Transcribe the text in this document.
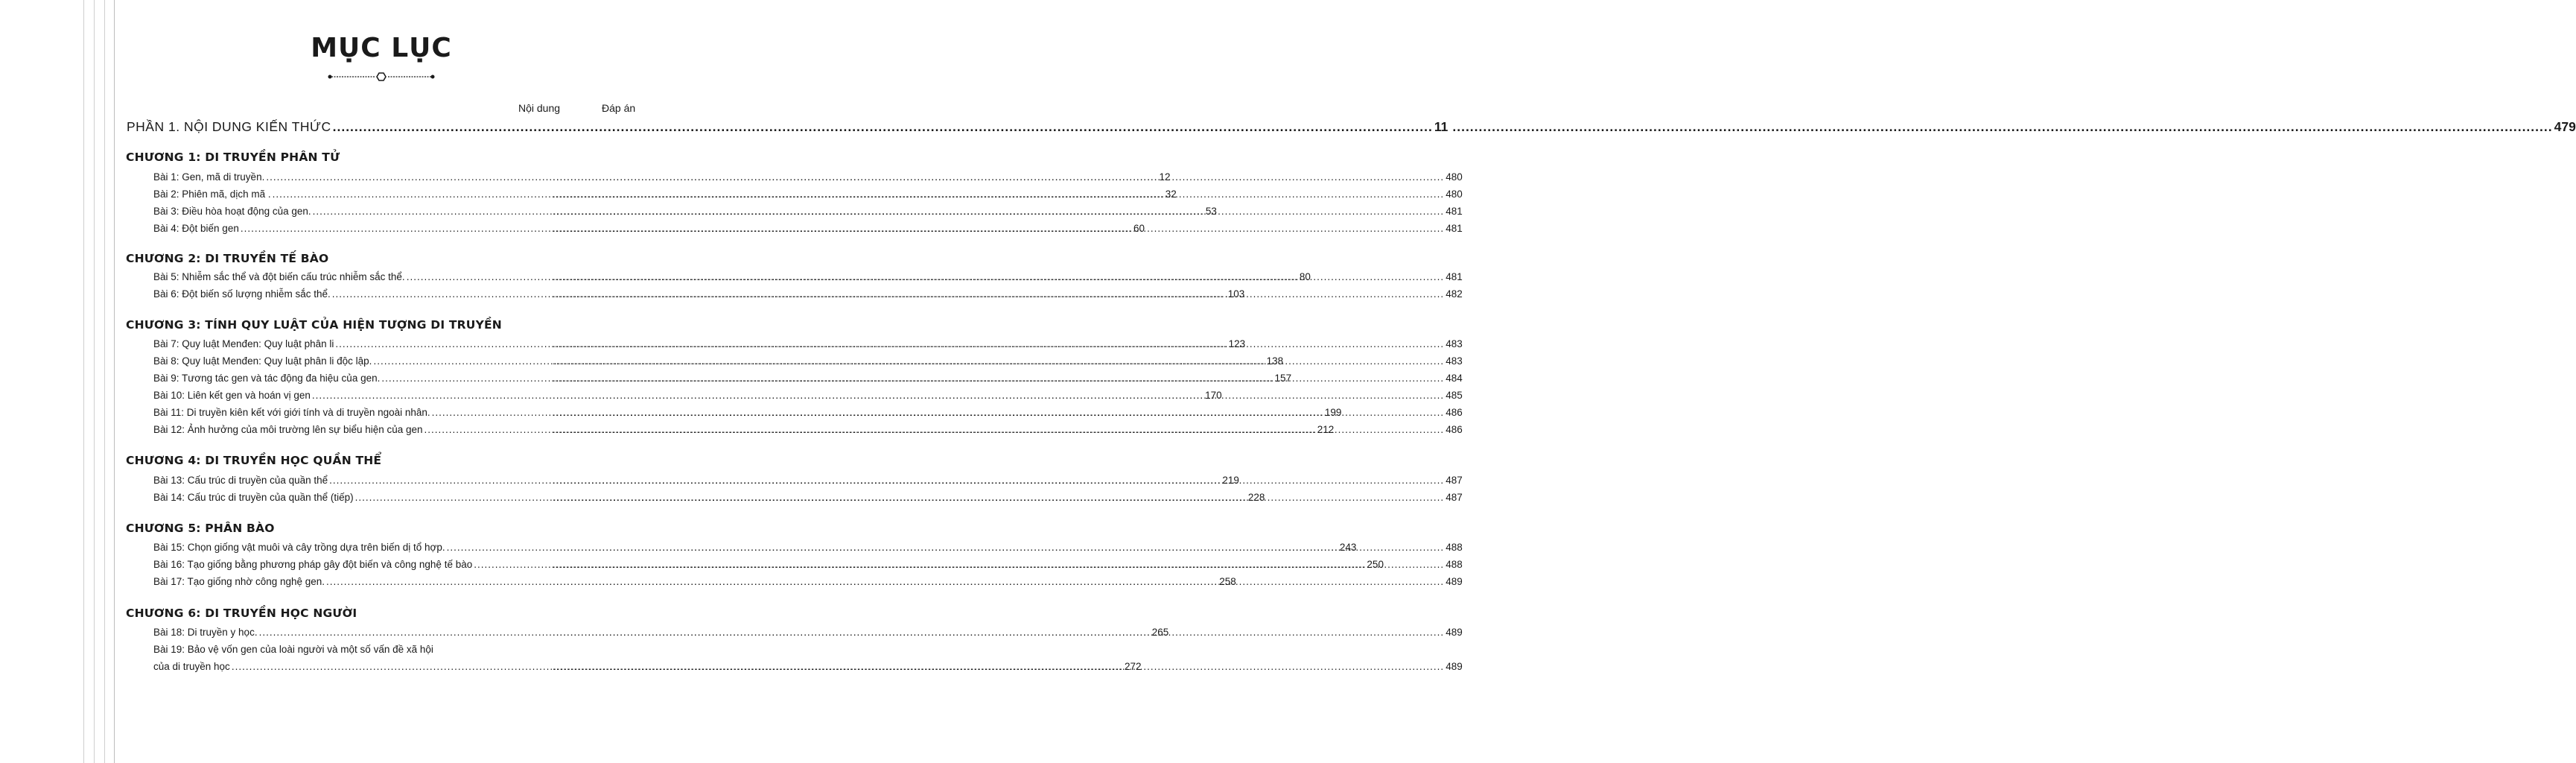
MỤC LỤC
Nội dung	Đáp án
PHẦN 1. NỘI DUNG KIẾN THỨC .....	11 .....	479
CHƯƠNG 1: DI TRUYỀN PHÂN TỬ
Bài 1: Gen, mã di truyền. .....	12 .....	480
Bài 2: Phiên mã, dịch mã . .....	32 .....	480
Bài 3: Điều hòa hoạt động của gen. .....	53 .....	481
Bài 4: Đột biến gen .....	60 .....	481
CHƯƠNG 2: DI TRUYỀN TẾ BÀO
Bài 5: Nhiễm sắc thể và đột biến cấu trúc nhiễm sắc thể. .....	80 .....	481
Bài 6: Đột biến số lượng nhiễm sắc thể. .....	.103 .....	482
CHƯƠNG 3: TÍNH QUY LUẬT CỦA HIỆN TƯỢNG DI TRUYỀN
Bài 7: Quy luật Menđen: Quy luật phân li .....	123 .....	483
Bài 8: Quy luật Menđen: Quy luật phân li độc lập. .....	138 .....	483
Bài 9: Tương tác gen và tác động đa hiệu của gen. .....	157 .....	484
Bài 10: Liên kết gen và hoán vị gen .....	170 .....	485
Bài 11: Di truyền kiên kết với giới tính và di truyền ngoài nhân. .....	199 .....	486
Bài 12: Ảnh hưởng của môi trường lên sự biểu hiện của gen .....	212 .....	486
CHƯƠNG 4: DI TRUYỀN HỌC QUẦN THỂ
Bài 13: Cấu trúc di truyền của quần thể .....	219 .....	487
Bài 14: Cấu trúc di truyền của quần thể (tiếp) .....	228 .....	487
CHƯƠNG 5: PHÂN BÀO
Bài 15: Chọn giống vật muôi và cây trồng dựa trên biến dị tổ hợp. .....	243 .....	488
Bài 16: Tạo giống bằng phương pháp gây đột biến và công nghệ tế bào .....	250 .....	488
Bài 17: Tạo giống nhờ công nghệ gen. .....	258 .....	489
CHƯƠNG 6: DI TRUYỀN HỌC NGƯỜI
Bài 18: Di truyền y học. .....	265 .....	489
Bài 19: Bảo vệ vốn gen của loài người và một số vấn đề xã hội
của di truyền học .....	272 .....	489
